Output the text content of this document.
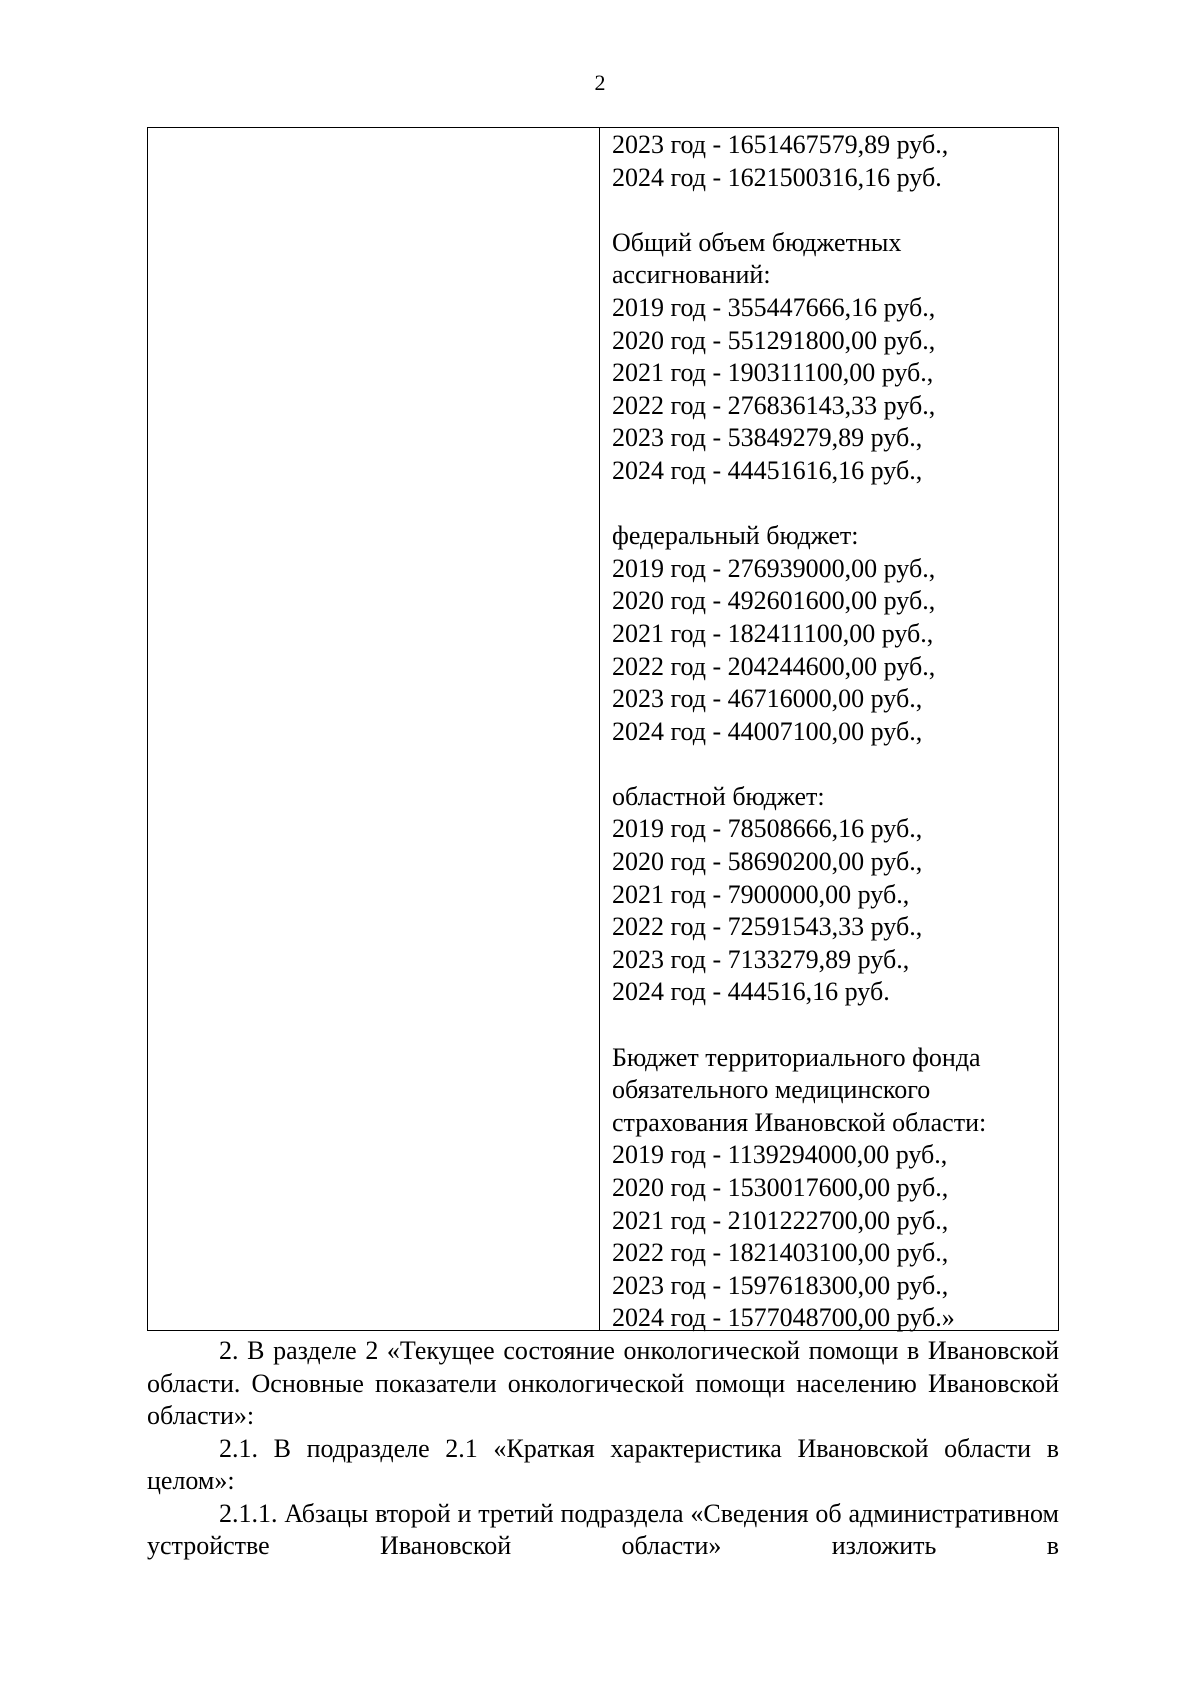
2
2023 год - 1651467579,89 руб.,
2024 год - 1621500316,16 руб.
Общий объем бюджетных
ассигнований:
2019 год - 355447666,16 руб.,
2020 год - 551291800,00 руб.,
2021 год - 190311100,00 руб.,
2022 год - 276836143,33 руб.,
2023 год - 53849279,89 руб.,
2024 год - 44451616,16 руб.,
федеральный бюджет:
2019 год - 276939000,00 руб.,
2020 год - 492601600,00 руб.,
2021 год - 182411100,00 руб.,
2022 год - 204244600,00 руб.,
2023 год - 46716000,00 руб.,
2024 год - 44007100,00 руб.,
областной бюджет:
2019 год - 78508666,16 руб.,
2020 год - 58690200,00 руб.,
2021 год - 7900000,00 руб.,
2022 год - 72591543,33 руб.,
2023 год - 7133279,89 руб.,
2024 год - 444516,16 руб.
Бюджет территориального фонда
обязательного медицинского
страхования Ивановской области:
2019 год - 1139294000,00 руб.,
2020 год - 1530017600,00 руб.,
2021 год - 2101222700,00 руб.,
2022 год - 1821403100,00 руб.,
2023 год - 1597618300,00 руб.,
2024 год - 1577048700,00 руб.»
2. В разделе 2 «Текущее состояние онкологической помощи в Ивановской области. Основные показатели онкологической помощи населению Ивановской области»:
2.1. В подразделе 2.1 «Краткая характеристика Ивановской области в целом»:
2.1.1. Абзацы второй и третий подраздела «Сведения об административном устройстве Ивановской области» изложить в
